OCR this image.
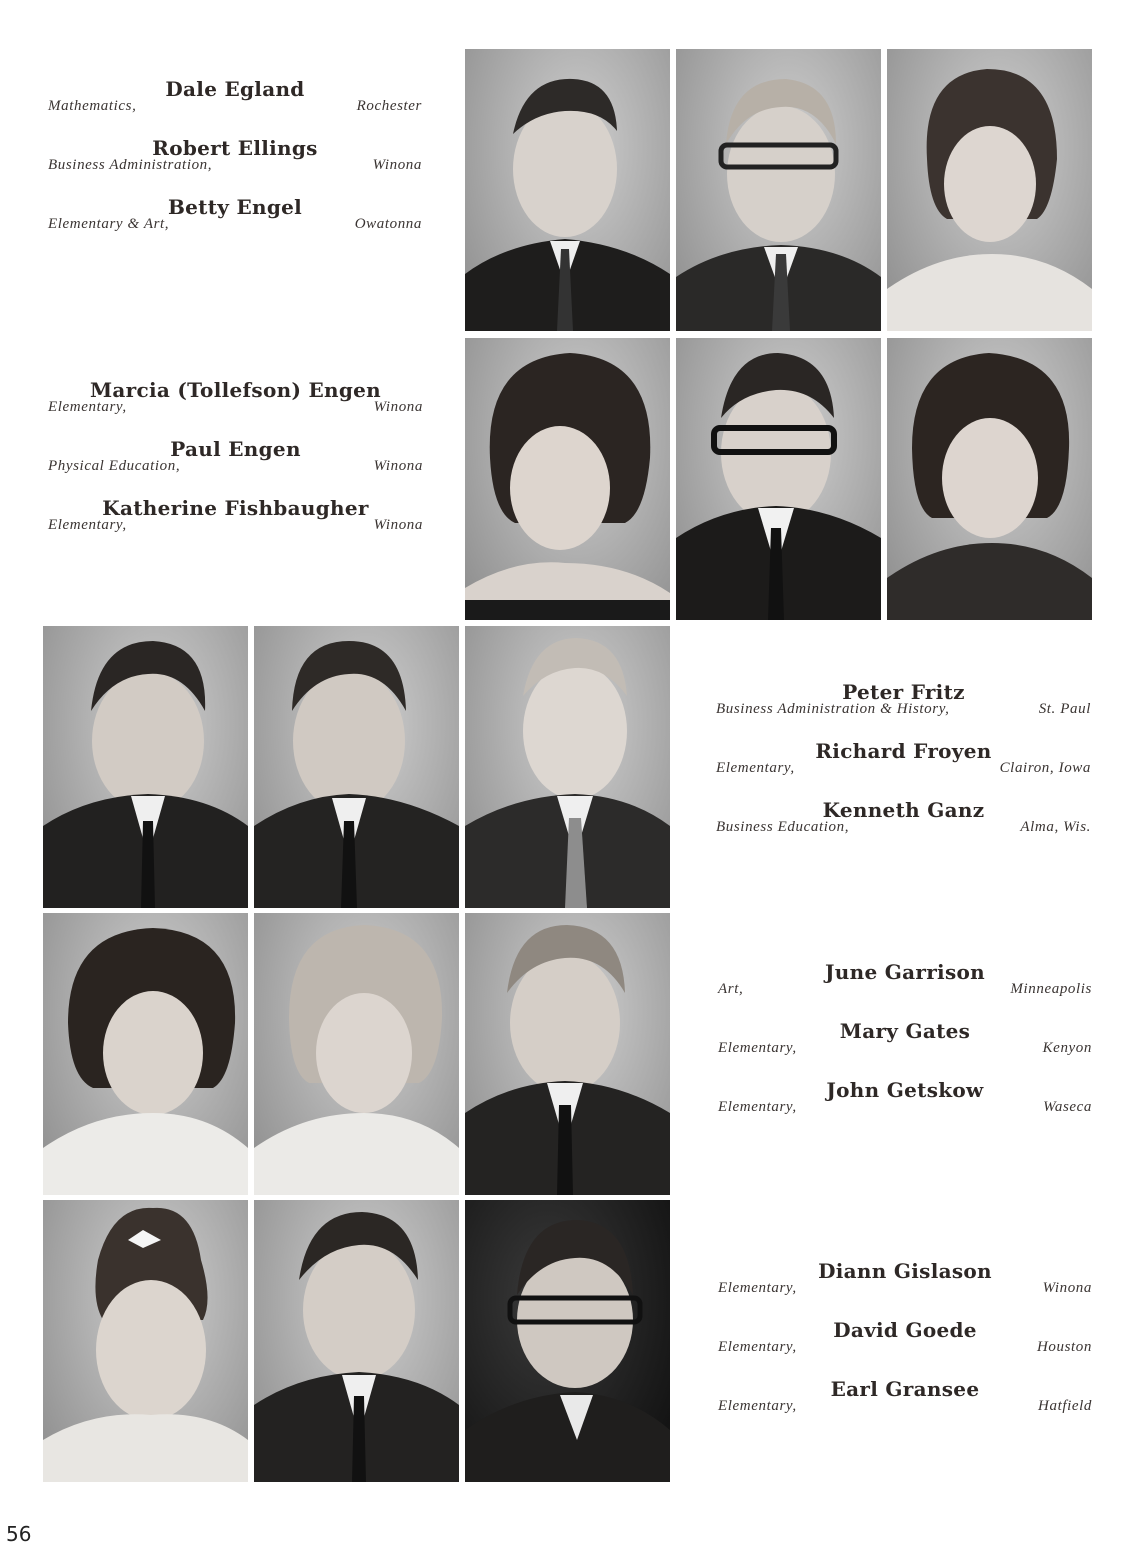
Dale Egland
Mathematics,	Rochester
Robert Ellings
Business Administration,	Winona
Betty Engel
Elementary & Art,	Owatonna
Marcia (Tollefson) Engen
Elementary,	Winona
Paul Engen
Physical Education,	Winona
Katherine Fishbaugher
Elementary,	Winona
Peter Fritz
Business Administration & History,	St. Paul
Richard Froyen
Elementary,	Clairon, Iowa
Kenneth Ganz
Business Education,	Alma, Wis.
June Garrison
Art,	Minneapolis
Mary Gates
Elementary,	Kenyon
John Getskow
Elementary,	Waseca
Diann Gislason
Elementary,	Winona
David Goede
Elementary,	Houston
Earl Gransee
Elementary,	Hatfield
56
